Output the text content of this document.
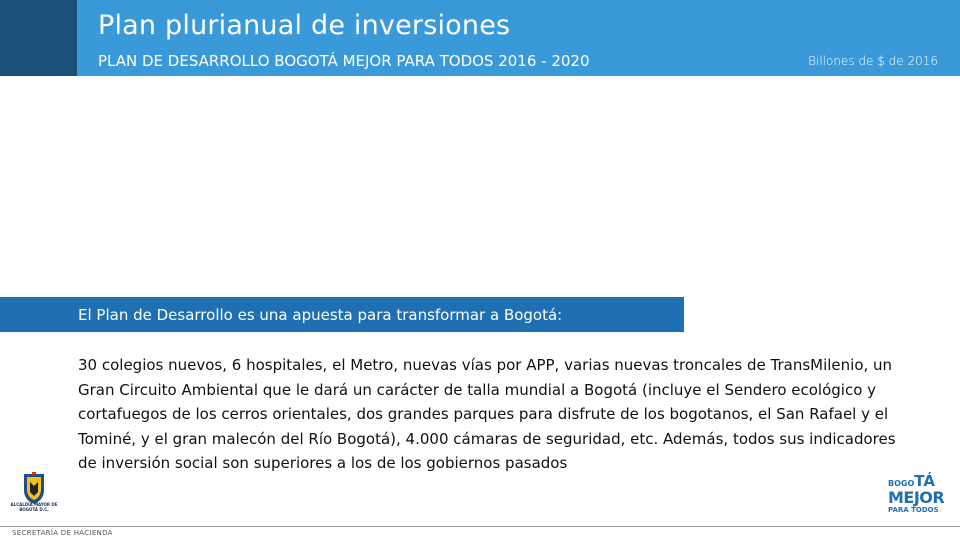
Plan plurianual de inversiones
PLAN DE DESARROLLO BOGOTÁ MEJOR PARA TODOS 2016 - 2020	Billones de $ de 2016
El Plan de Desarrollo es una apuesta para transformar a Bogotá:
30 colegios nuevos, 6 hospitales, el Metro, nuevas vías por APP, varias nuevas troncales de TransMilenio, un Gran Circuito Ambiental que le dará un carácter de talla mundial a Bogotá (incluye el Sendero ecológico y cortafuegos de los cerros orientales, dos grandes parques para disfrute de los bogotanos, el San Rafael y el Tominé, y el gran malecón del Río Bogotá), 4.000 cámaras de seguridad, etc. Además, todos sus indicadores de inversión social son superiores a los de los gobiernos pasados
ALCALDÍA MAYOR DE BOGOTÁ D.C.
SECRETARÍA DE HACIENDA
BOGOTÁ
MEJOR
PARA TODOS
